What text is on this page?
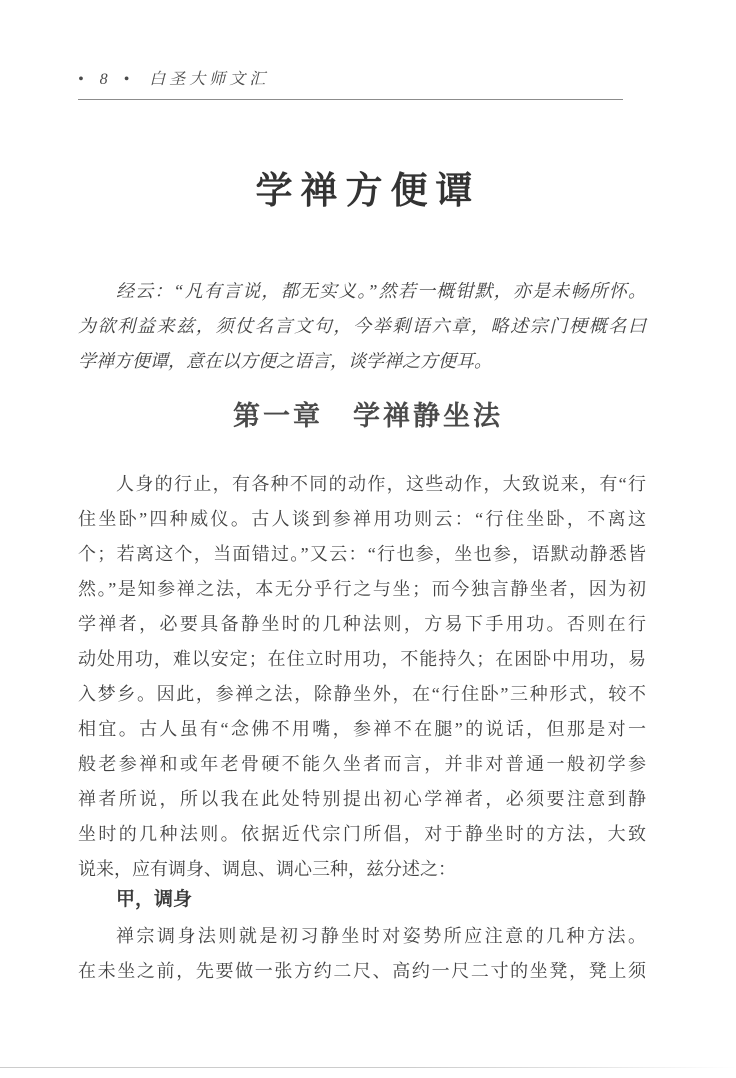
• 8 • 白圣大师文汇
学禅方便谭
经云：“凡有言说，都无实义。”然若一概钳默，亦是未畅所怀。
为欲利益来兹，须仗名言文句，今举剩语六章，略述宗门梗概名曰
学禅方便谭，意在以方便之语言，谈学禅之方便耳。
第一章　学禅静坐法
人身的行止，有各种不同的动作，这些动作，大致说来，有“行
住坐卧”四种威仪。古人谈到参禅用功则云：“行住坐卧，不离这
个；若离这个，当面错过。”又云：“行也参，坐也参，语默动静悉皆
然。”是知参禅之法，本无分乎行之与坐；而今独言静坐者，因为初
学禅者，必要具备静坐时的几种法则，方易下手用功。否则在行
动处用功，难以安定；在住立时用功，不能持久；在困卧中用功，易
入梦乡。因此，参禅之法，除静坐外，在“行住卧”三种形式，较不
相宜。古人虽有“念佛不用嘴，参禅不在腿”的说话，但那是对一
般老参禅和或年老骨硬不能久坐者而言，并非对普通一般初学参
禅者所说，所以我在此处特别提出初心学禅者，必须要注意到静
坐时的几种法则。依据近代宗门所倡，对于静坐时的方法，大致
说来，应有调身、调息、调心三种，兹分述之：
甲，调身
禅宗调身法则就是初习静坐时对姿势所应注意的几种方法。
在未坐之前，先要做一张方约二尺、高约一尺二寸的坐凳，凳上须
